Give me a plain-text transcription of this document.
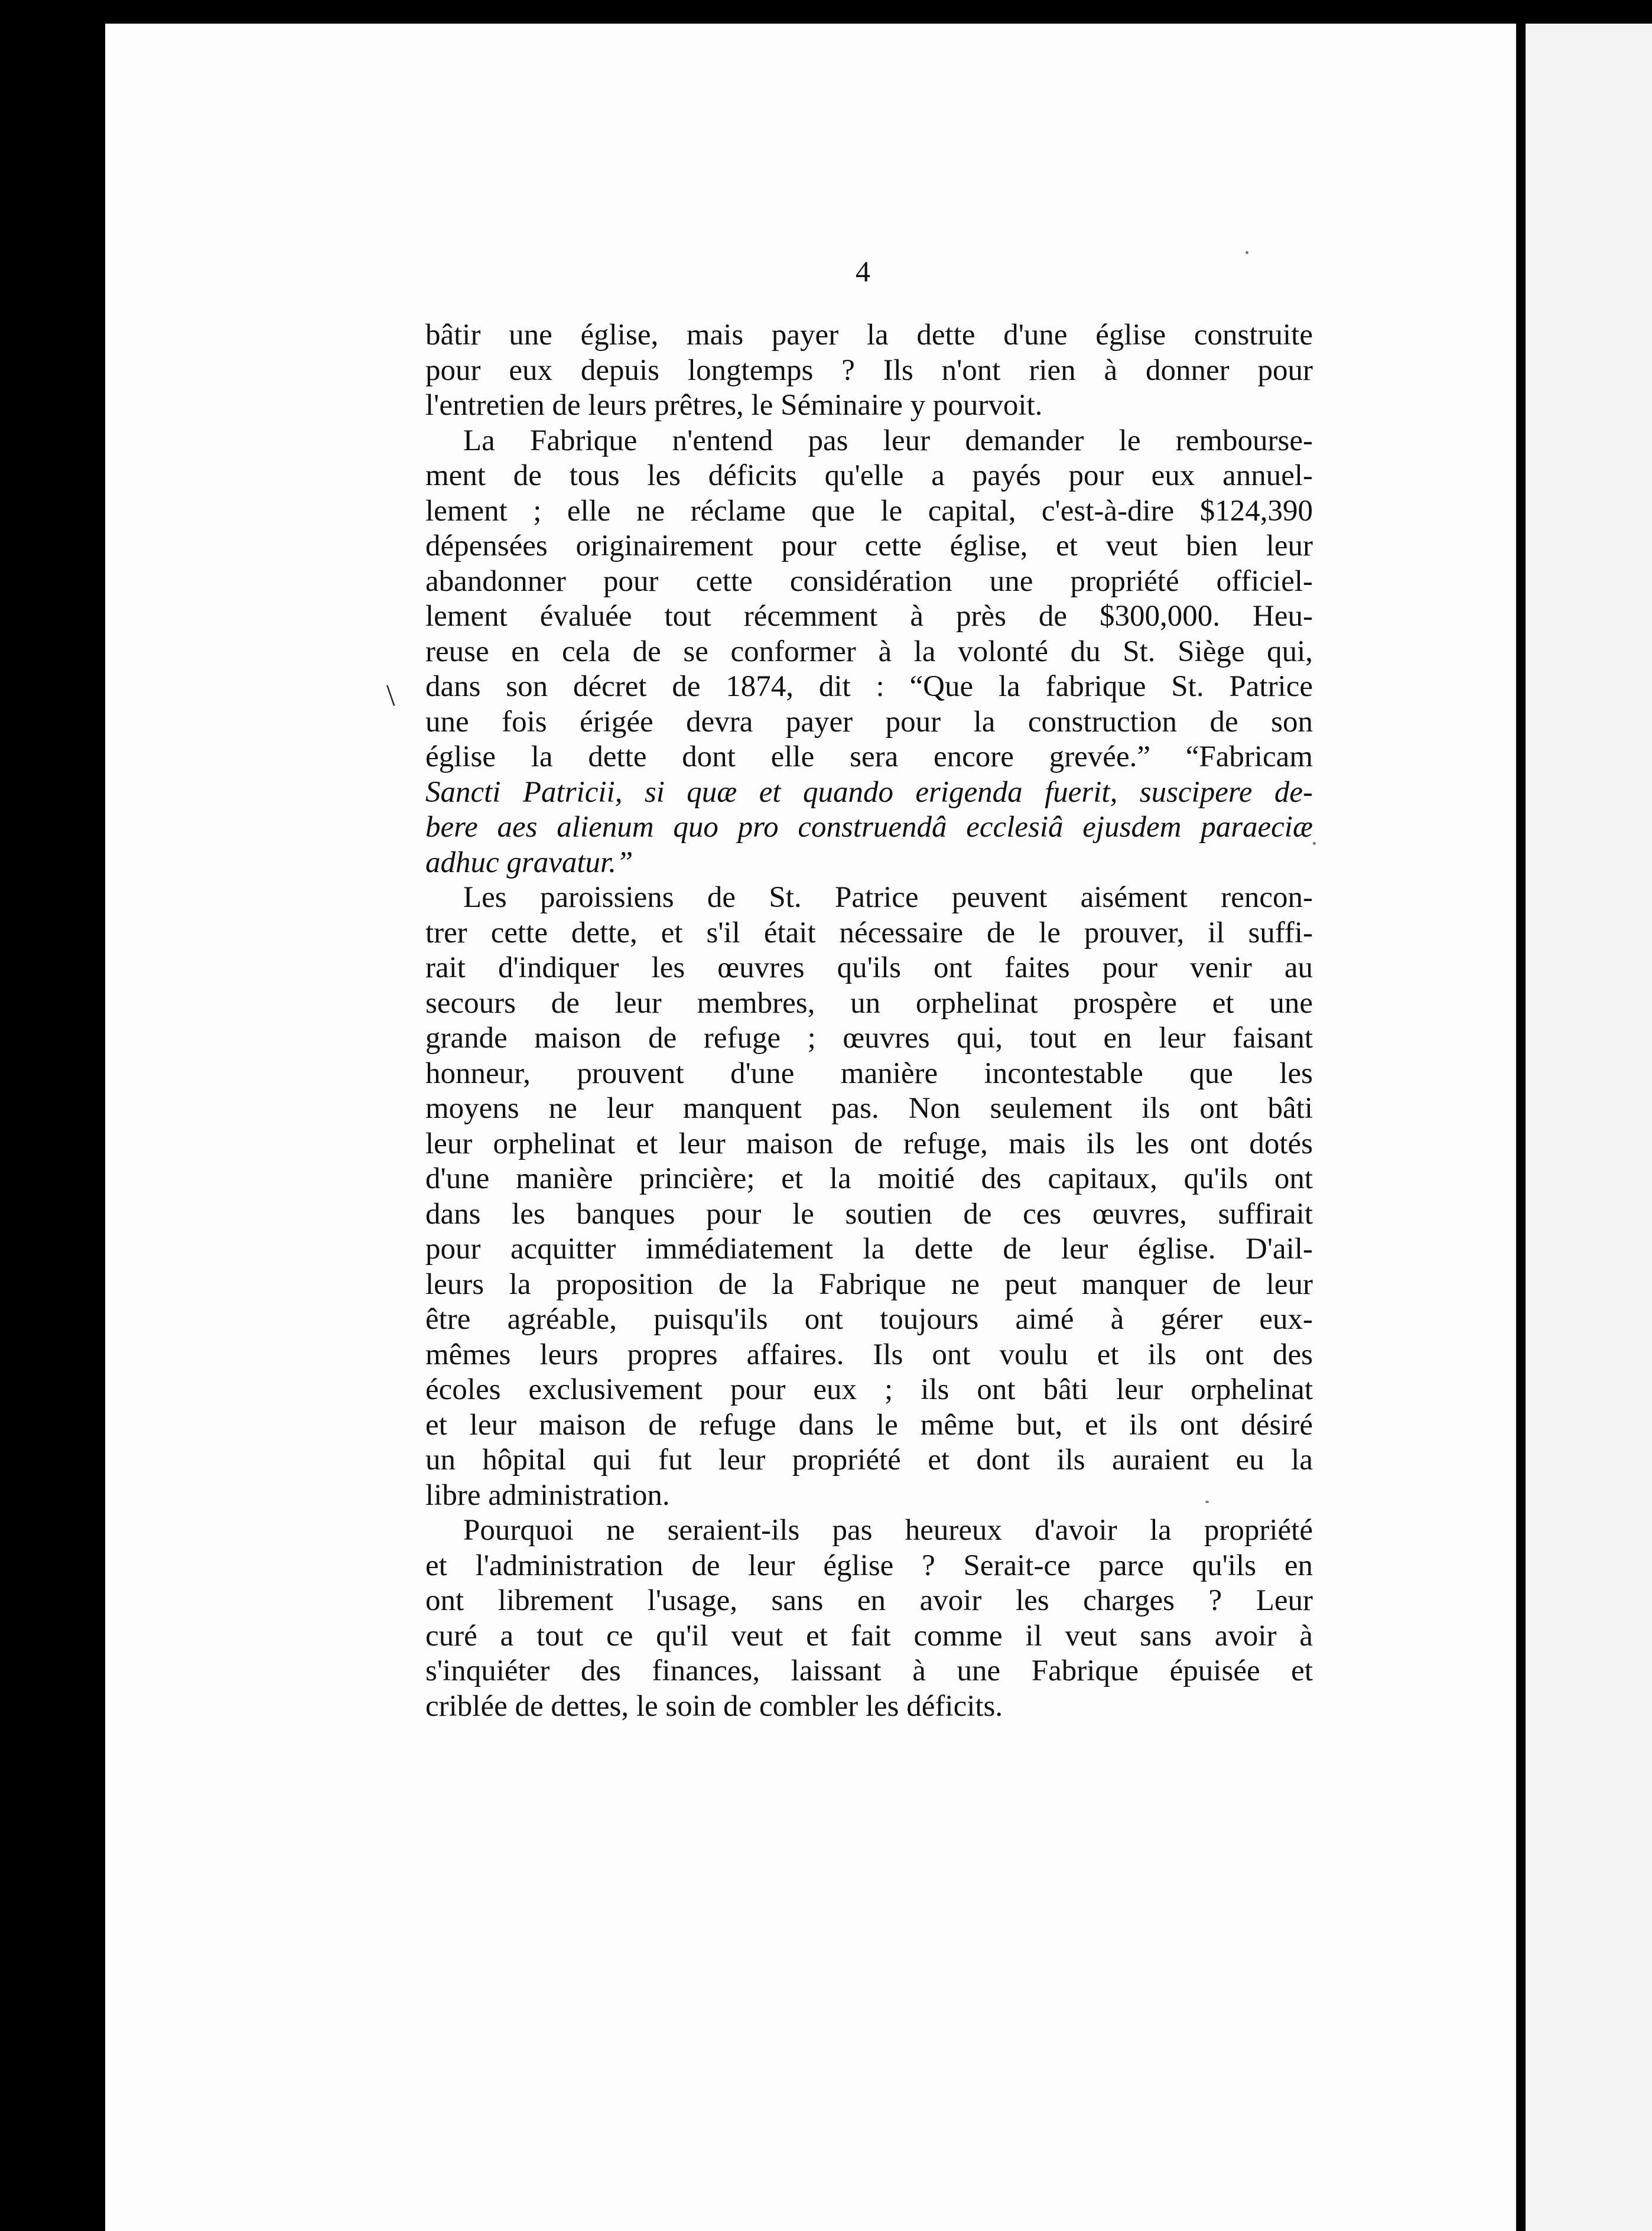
4
\
bâtir une église, mais payer la dette d'une église construite
pour eux depuis longtemps ? Ils n'ont rien à donner pour
l'entretien de leurs prêtres, le Séminaire y pourvoit.
La Fabrique n'entend pas leur demander le rembourse-
ment de tous les déficits qu'elle a payés pour eux annuel-
lement ; elle ne réclame que le capital, c'est-à-dire $124,390
dépensées originairement pour cette église, et veut bien leur
abandonner pour cette considération une propriété officiel-
lement évaluée tout récemment à près de $300,000. Heu-
reuse en cela de se conformer à la volonté du St. Siège qui,
dans son décret de 1874, dit : “Que la fabrique St. Patrice
une fois érigée devra payer pour la construction de son
église la dette dont elle sera encore grevée.” “Fabricam
Sancti Patricii, si quæ et quando erigenda fuerit, suscipere de-
bere aes alienum quo pro construendâ ecclesiâ ejusdem paraeciæ
adhuc gravatur.”
Les paroissiens de St. Patrice peuvent aisément rencon-
trer cette dette, et s'il était nécessaire de le prouver, il suffi-
rait d'indiquer les œuvres qu'ils ont faites pour venir au
secours de leur membres, un orphelinat prospère et une
grande maison de refuge ; œuvres qui, tout en leur faisant
honneur, prouvent d'une manière incontestable que les
moyens ne leur manquent pas. Non seulement ils ont bâti
leur orphelinat et leur maison de refuge, mais ils les ont dotés
d'une manière princière; et la moitié des capitaux, qu'ils ont
dans les banques pour le soutien de ces œuvres, suffirait
pour acquitter immédiatement la dette de leur église. D'ail-
leurs la proposition de la Fabrique ne peut manquer de leur
être agréable, puisqu'ils ont toujours aimé à gérer eux-
mêmes leurs propres affaires. Ils ont voulu et ils ont des
écoles exclusivement pour eux ; ils ont bâti leur orphelinat
et leur maison de refuge dans le même but, et ils ont désiré
un hôpital qui fut leur propriété et dont ils auraient eu la
libre administration.
Pourquoi ne seraient-ils pas heureux d'avoir la propriété
et l'administration de leur église ? Serait-ce parce qu'ils en
ont librement l'usage, sans en avoir les charges ? Leur
curé a tout ce qu'il veut et fait comme il veut sans avoir à
s'inquiéter des finances, laissant à une Fabrique épuisée et
criblée de dettes, le soin de combler les déficits.
